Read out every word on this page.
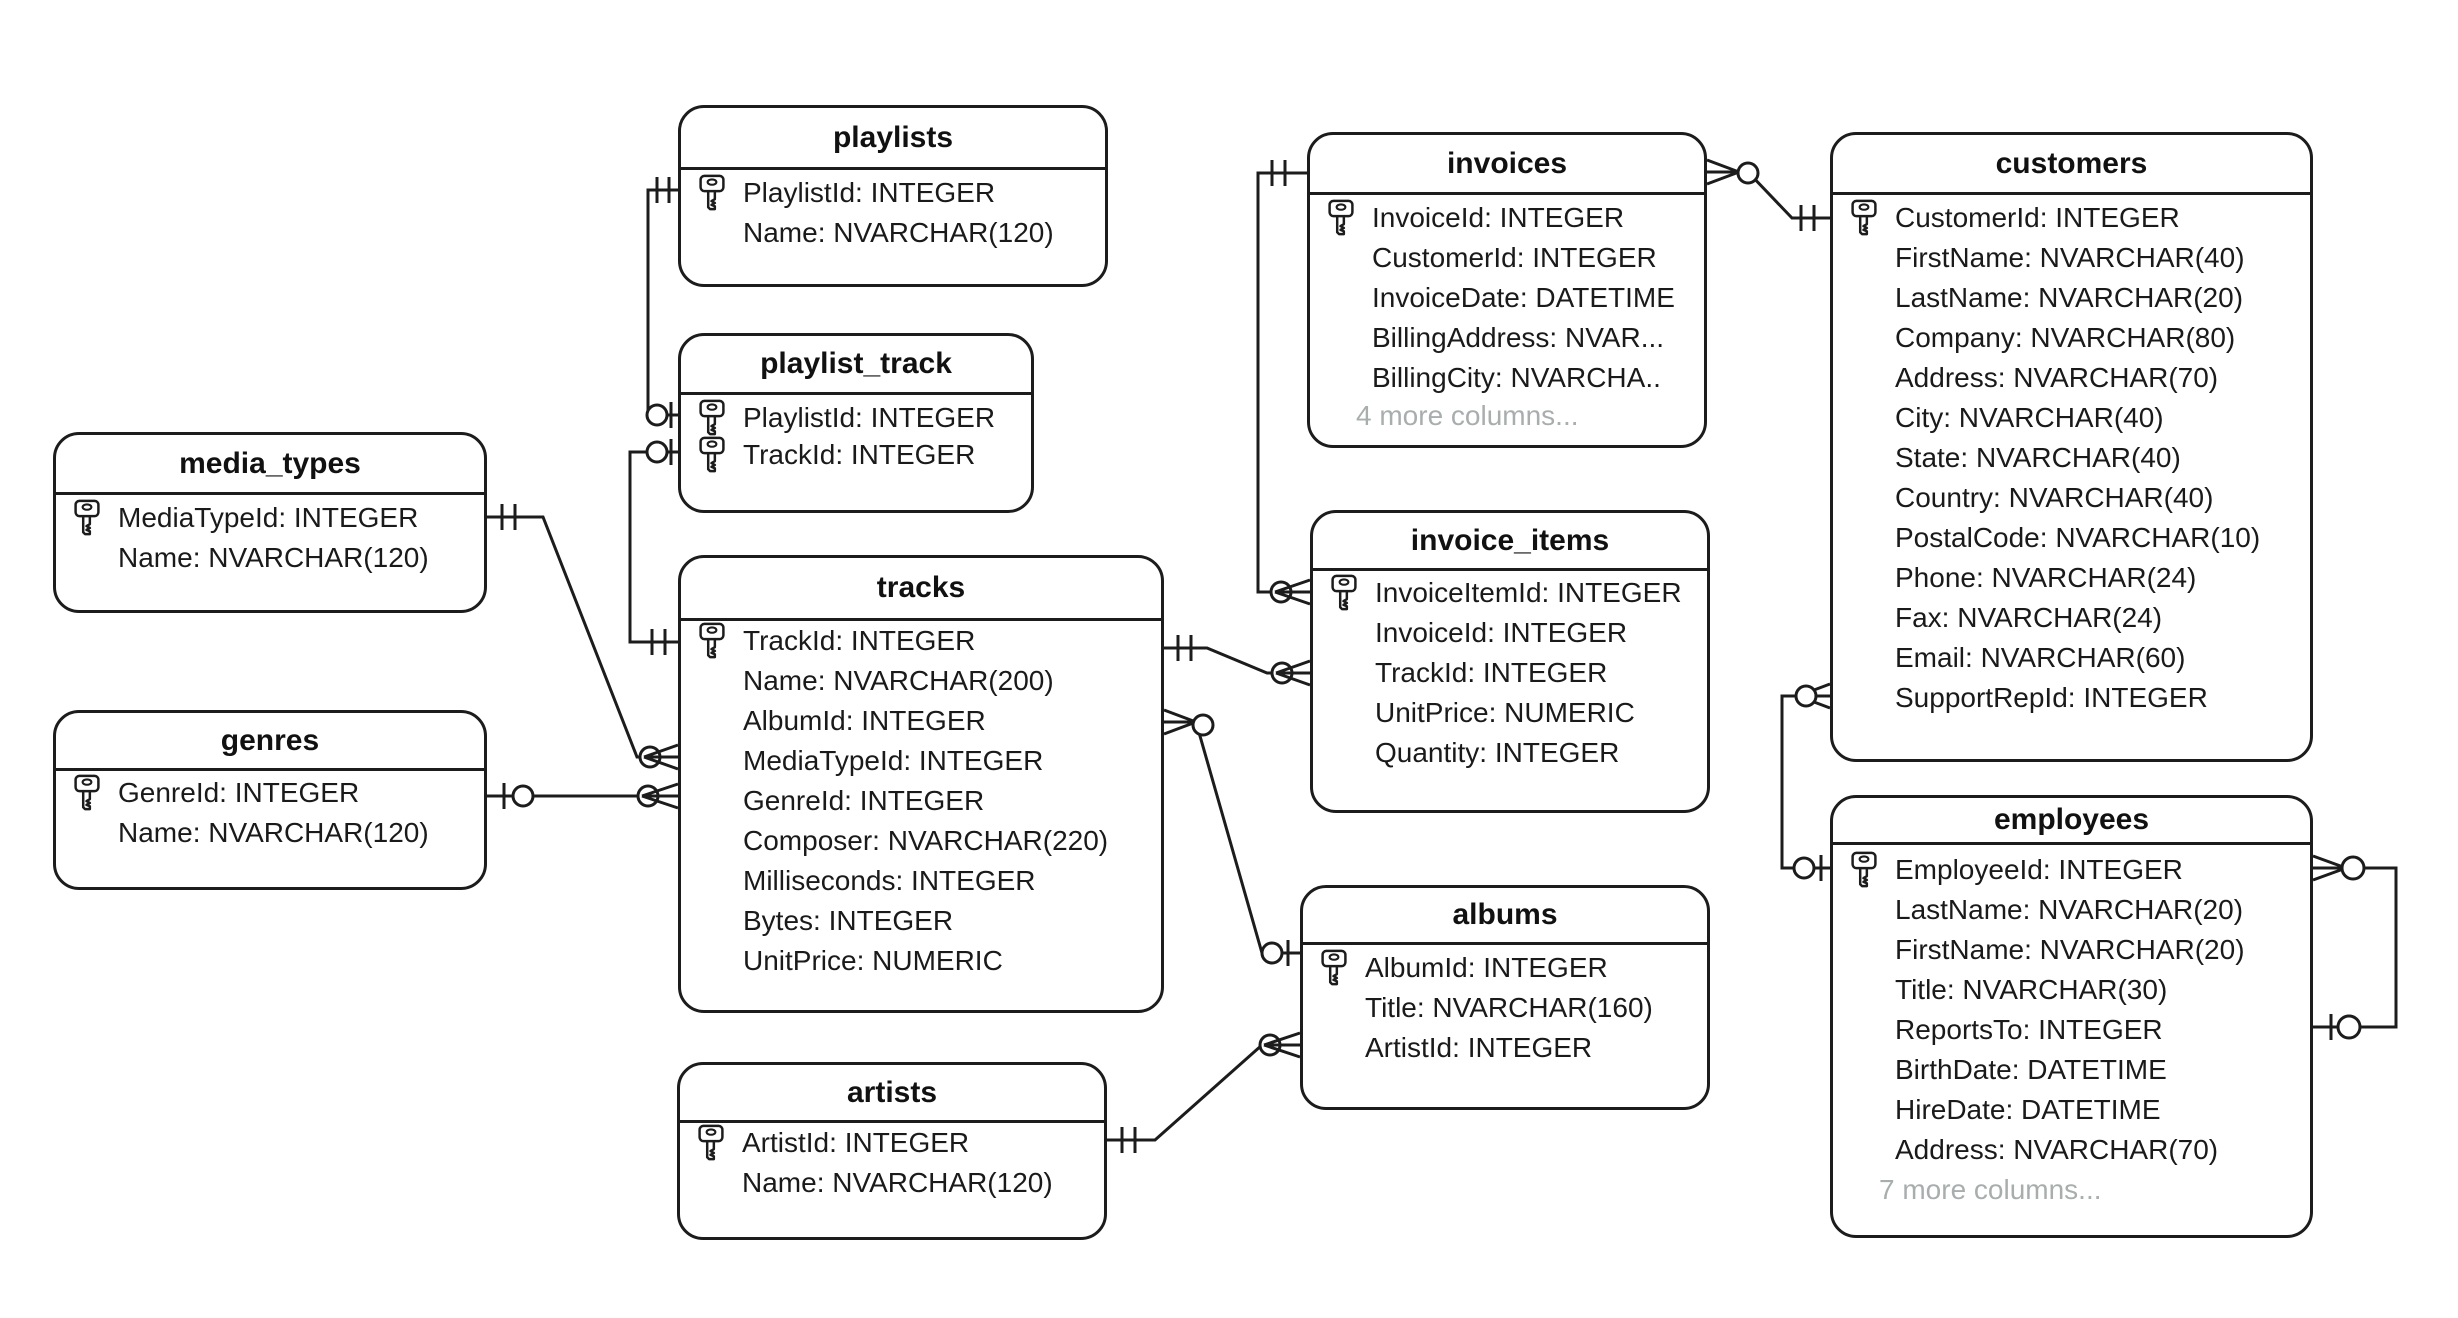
playlists
PlaylistId: INTEGER
Name: NVARCHAR(120)
playlist_track
PlaylistId: INTEGER
TrackId: INTEGER
media_types
MediaTypeId: INTEGER
Name: NVARCHAR(120)
genres
GenreId: INTEGER
Name: NVARCHAR(120)
tracks
TrackId: INTEGER
Name: NVARCHAR(200)
AlbumId: INTEGER
MediaTypeId: INTEGER
GenreId: INTEGER
Composer: NVARCHAR(220)
Milliseconds: INTEGER
Bytes: INTEGER
UnitPrice: NUMERIC
artists
ArtistId: INTEGER
Name: NVARCHAR(120)
invoices
InvoiceId: INTEGER
CustomerId: INTEGER
InvoiceDate: DATETIME
BillingAddress: NVAR...
BillingCity: NVARCHA..
4 more columns...
invoice_items
InvoiceItemId: INTEGER
InvoiceId: INTEGER
TrackId: INTEGER
UnitPrice: NUMERIC
Quantity: INTEGER
albums
AlbumId: INTEGER
Title: NVARCHAR(160)
ArtistId: INTEGER
customers
CustomerId: INTEGER
FirstName: NVARCHAR(40)
LastName: NVARCHAR(20)
Company: NVARCHAR(80)
Address: NVARCHAR(70)
City: NVARCHAR(40)
State: NVARCHAR(40)
Country: NVARCHAR(40)
PostalCode: NVARCHAR(10)
Phone: NVARCHAR(24)
Fax: NVARCHAR(24)
Email: NVARCHAR(60)
SupportRepId: INTEGER
employees
EmployeeId: INTEGER
LastName: NVARCHAR(20)
FirstName: NVARCHAR(20)
Title: NVARCHAR(30)
ReportsTo: INTEGER
BirthDate: DATETIME
HireDate: DATETIME
Address: NVARCHAR(70)
7 more columns...
